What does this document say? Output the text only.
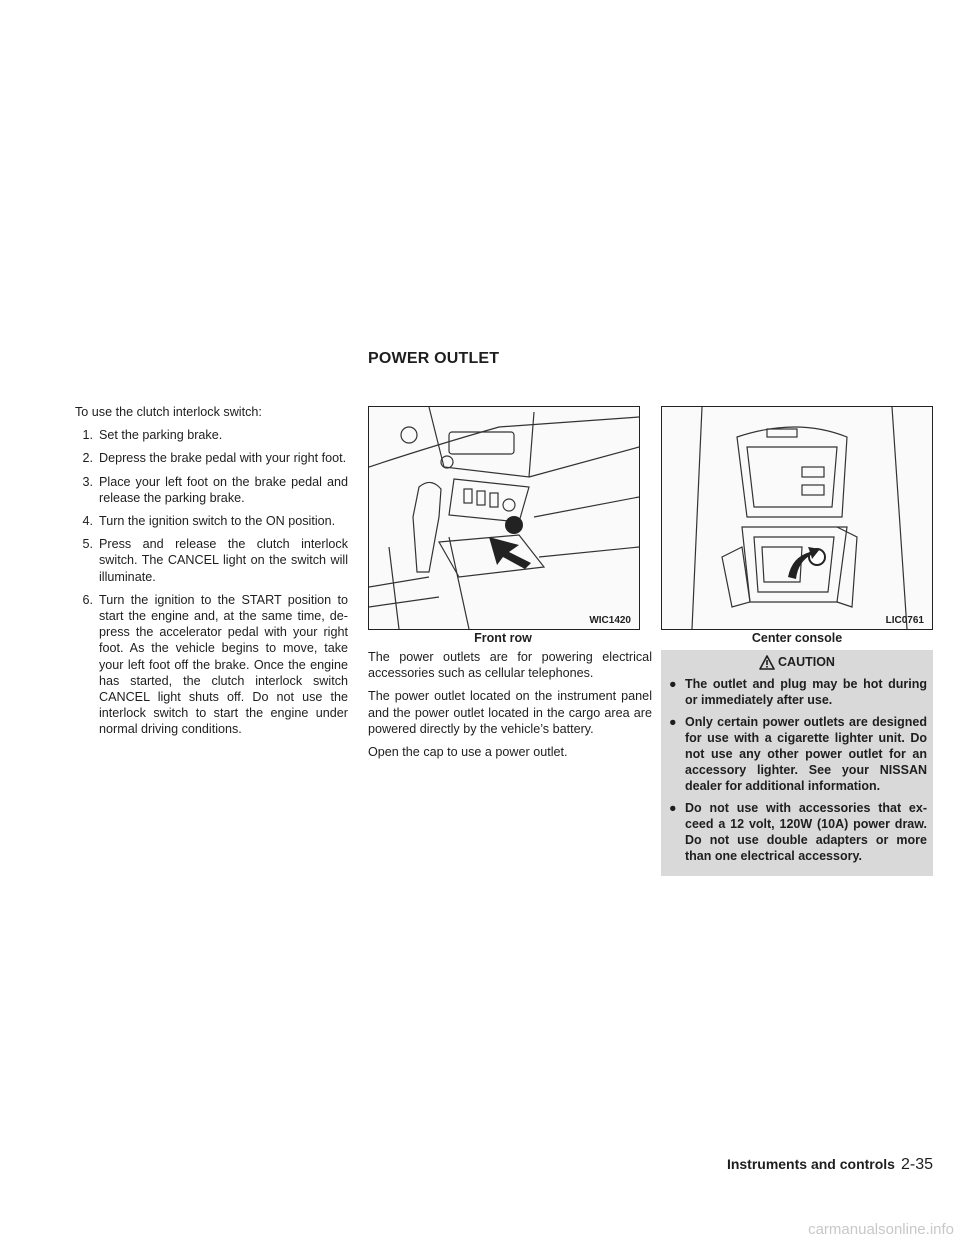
POWER OUTLET

To use the clutch interlock switch:

1. Set the parking brake.
2. Depress the brake pedal with your right foot.
3. Place your left foot on the brake pedal and release the parking brake.
4. Turn the ignition switch to the ON position.
5. Press and release the clutch interlock switch. The CANCEL light on the switch will illuminate.
6. Turn the ignition to the START position to start the engine and, at the same time, de- press the accelerator pedal with your right foot. As the vehicle begins to move, take your left foot off the brake. Once the engine has started, the clutch interlock switch CANCEL light shuts off. Do not use the interlock switch to start the engine under normal driving conditions.
WIC1420
Front row
LIC0761
Center console

The power outlets are for powering electrical accessories such as cellular telephones.

The power outlet located on the instrument panel and the power outlet located in the cargo area are powered directly by the vehicle’s battery.

Open the cap to use a power outlet.

CAUTION
● The outlet and plug may be hot during or immediately after use.
● Only certain power outlets are designed for use with a cigarette lighter unit. Do not use any other power outlet for an accessory lighter. See your NISSAN dealer for additional information.
● Do not use with accessories that ex- ceed a 12 volt, 120W (10A) power draw. Do not use double adapters or more than one electrical accessory.
Instruments and controls 2-35
carmanualsonline.info
